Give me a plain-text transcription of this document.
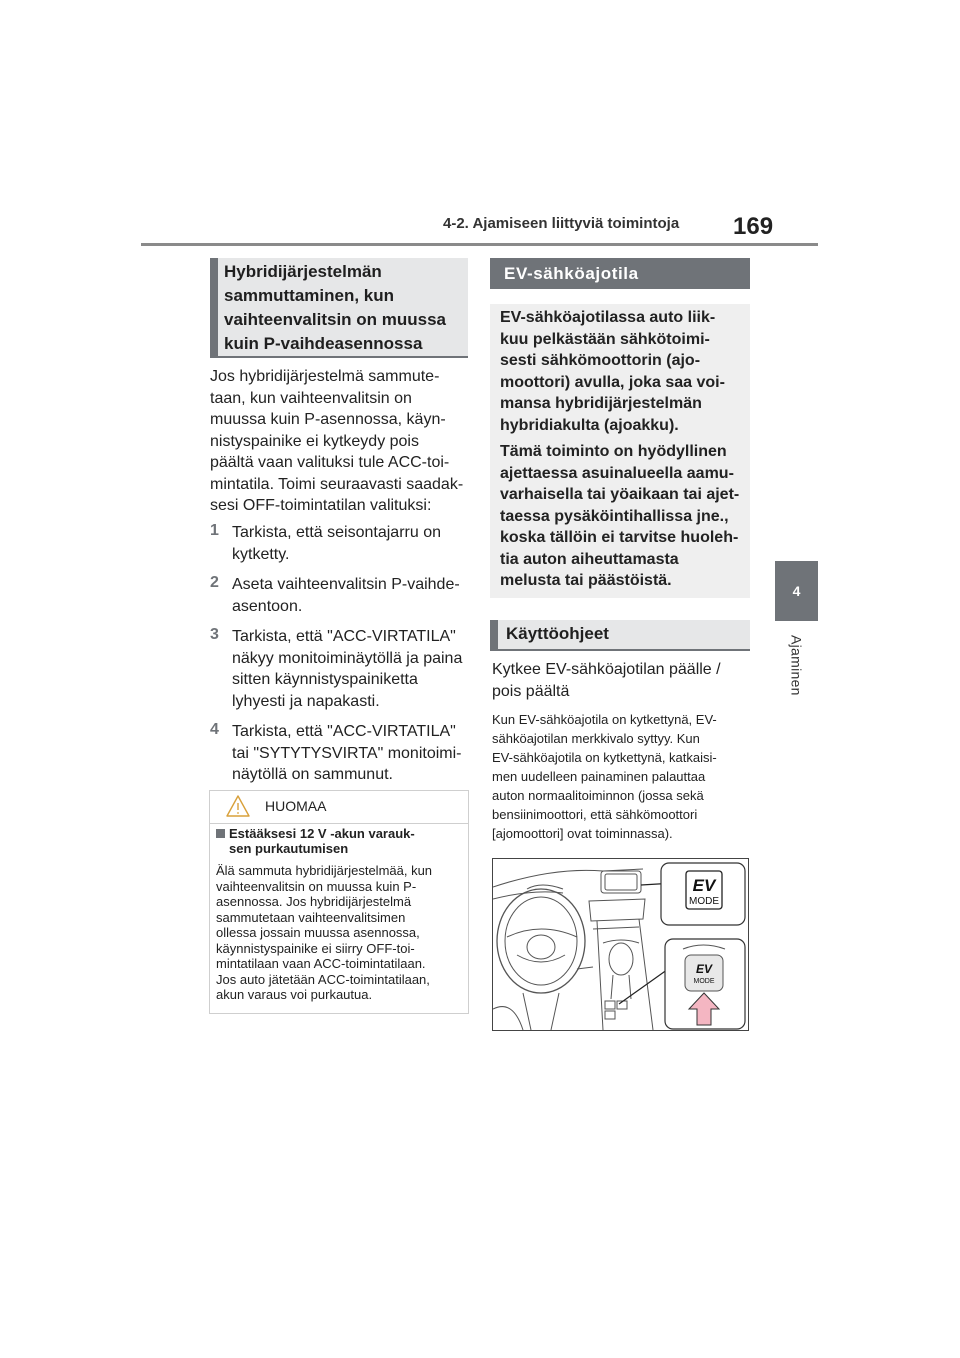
4-2. Ajamiseen liittyviä toimintoja 169
4
Ajaminen
Hybridijärjestelmän
sammuttaminen, kun
vaihteenvalitsin on muussa
kuin P-vaihdeasennossa
Jos hybridijärjestelmä sammute-
taan, kun vaihteenvalitsin on
muussa kuin P-asennossa, käyn-
nistyspainike ei kytkeydy pois
päältä vaan valituksi tule ACC-toi-
mintatila. Toimi seuraavasti saadak-
sesi OFF-toimintatilan valituksi:
1 Tarkista, että seisontajarru on
kytketty.
2 Aseta vaihteenvalitsin P-vaihde-
asentoon.
3 Tarkista, että "ACC-VIRTATILA"
näkyy monitoiminäytöllä ja paina
sitten käynnistyspainiketta
lyhyesti ja napakasti.
4 Tarkista, että "ACC-VIRTATILA"
tai "SYTYTYSVIRTA" monitoimi-
näytöllä on sammunut.
HUOMAA
Estääksesi 12 V -akun varauk-
sen purkautumisen
Älä sammuta hybridijärjestelmää, kun
vaihteenvalitsin on muussa kuin P-
asennossa. Jos hybridijärjestelmä
sammutetaan vaihteenvalitsimen
ollessa jossain muussa asennossa,
käynnistyspainike ei siirry OFF-toi-
mintatilaan vaan ACC-toimintatilaan.
Jos auto jätetään ACC-toimintatilaan,
akun varaus voi purkautua.
EV-sähköajotila
EV-sähköajotilassa auto liik-
kuu pelkästään sähkötoimi-
sesti sähkömoottorin (ajo-
moottori) avulla, joka saa voi-
mansa hybridijärjestelmän
hybridiakulta (ajoakku).
Tämä toiminto on hyödyllinen
ajettaessa asuinalueella aamu-
varhaisella tai yöaikaan tai ajet-
taessa pysäköintihallissa jne.,
koska tällöin ei tarvitse huoleh-
tia auton aiheuttamasta
melusta tai päästöistä.
Käyttöohjeet
Kytkee EV-sähköajotilan päälle /
pois päältä
Kun EV-sähköajotila on kytkettynä, EV-
sähköajotilan merkkivalo syttyy. Kun
EV-sähköajotila on kytkettynä, katkaisi-
men uudelleen painaminen palauttaa
auton normaalitoiminnon (jossa sekä
bensiinimoottori, että sähkömoottori
[ajomoottori] ovat toiminnassa).
EV
MODE
EV
MODE
